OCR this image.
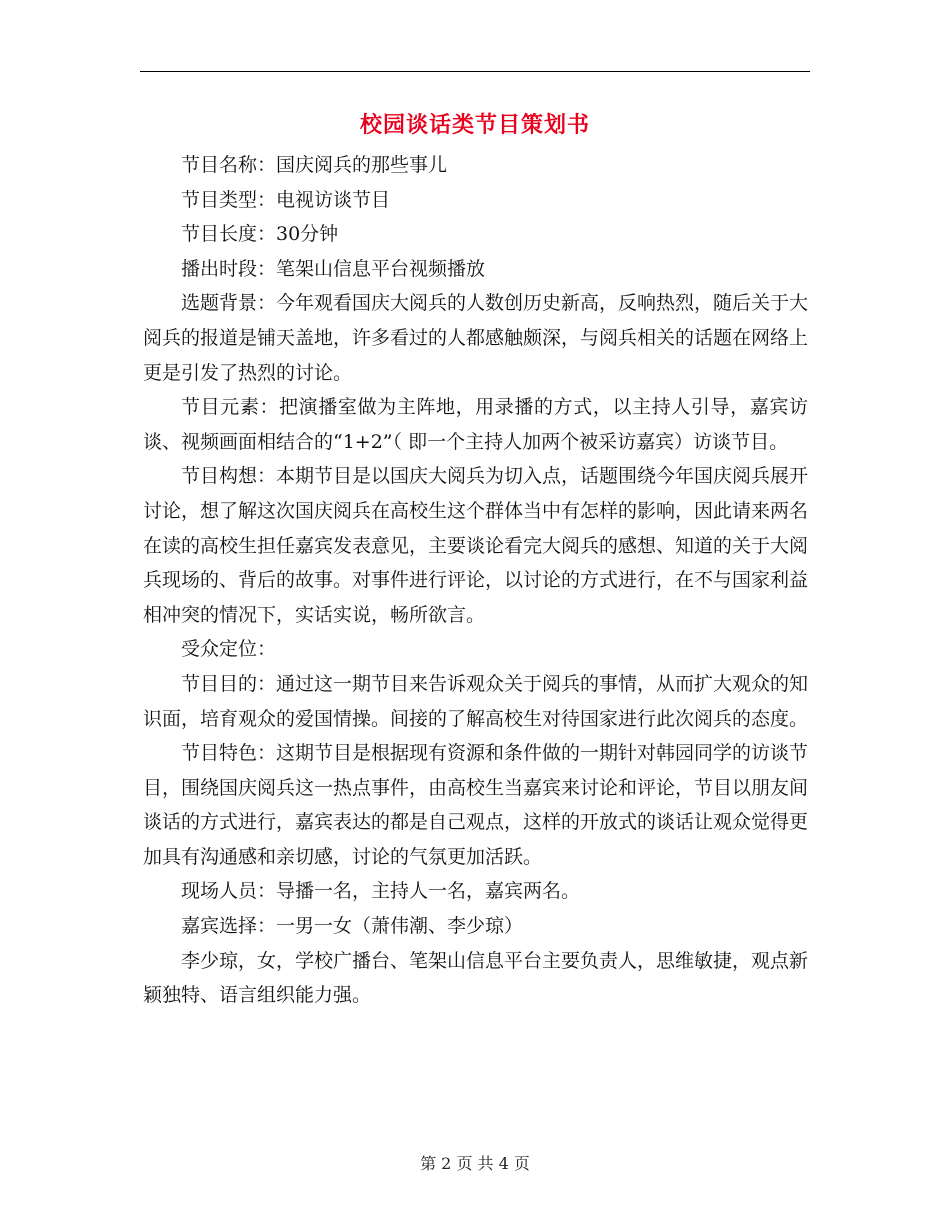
校园谈话类节目策划书

节目名称：国庆阅兵的那些事儿

节目类型：电视访谈节目

节目长度：30分钟

播出时段：笔架山信息平台视频播放

选题背景：今年观看国庆大阅兵的人数创历史新高，反响热烈，随后关于大阅兵的报道是铺天盖地，许多看过的人都感触颇深，与阅兵相关的话题在网络上更是引发了热烈的讨论。

节目元素：把演播室做为主阵地，用录播的方式，以主持人引导，嘉宾访谈、视频画面相结合的“1+2”（ 即一个主持人加两个被采访嘉宾）访谈节目。

节目构想：本期节目是以国庆大阅兵为切入点，话题围绕今年国庆阅兵展开讨论，想了解这次国庆阅兵在高校生这个群体当中有怎样的影响，因此请来两名在读的高校生担任嘉宾发表意见，主要谈论看完大阅兵的感想、知道的关于大阅兵现场的、背后的故事。对事件进行评论，以讨论的方式进行，在不与国家利益相冲突的情况下，实话实说，畅所欲言。

受众定位：

节目目的：通过这一期节目来告诉观众关于阅兵的事情，从而扩大观众的知识面，培育观众的爱国情操。间接的了解高校生对待国家进行此次阅兵的态度。

节目特色：这期节目是根据现有资源和条件做的一期针对韩园同学的访谈节目，围绕国庆阅兵这一热点事件，由高校生当嘉宾来讨论和评论，节目以朋友间谈话的方式进行，嘉宾表达的都是自己观点，这样的开放式的谈话让观众觉得更加具有沟通感和亲切感，讨论的气氛更加活跃。

现场人员：导播一名，主持人一名，嘉宾两名。

嘉宾选择：一男一女（萧伟潮、李少琼）

李少琼，女，学校广播台、笔架山信息平台主要负责人，思维敏捷，观点新颖独特、语言组织能力强。

第 2 页 共 4 页
